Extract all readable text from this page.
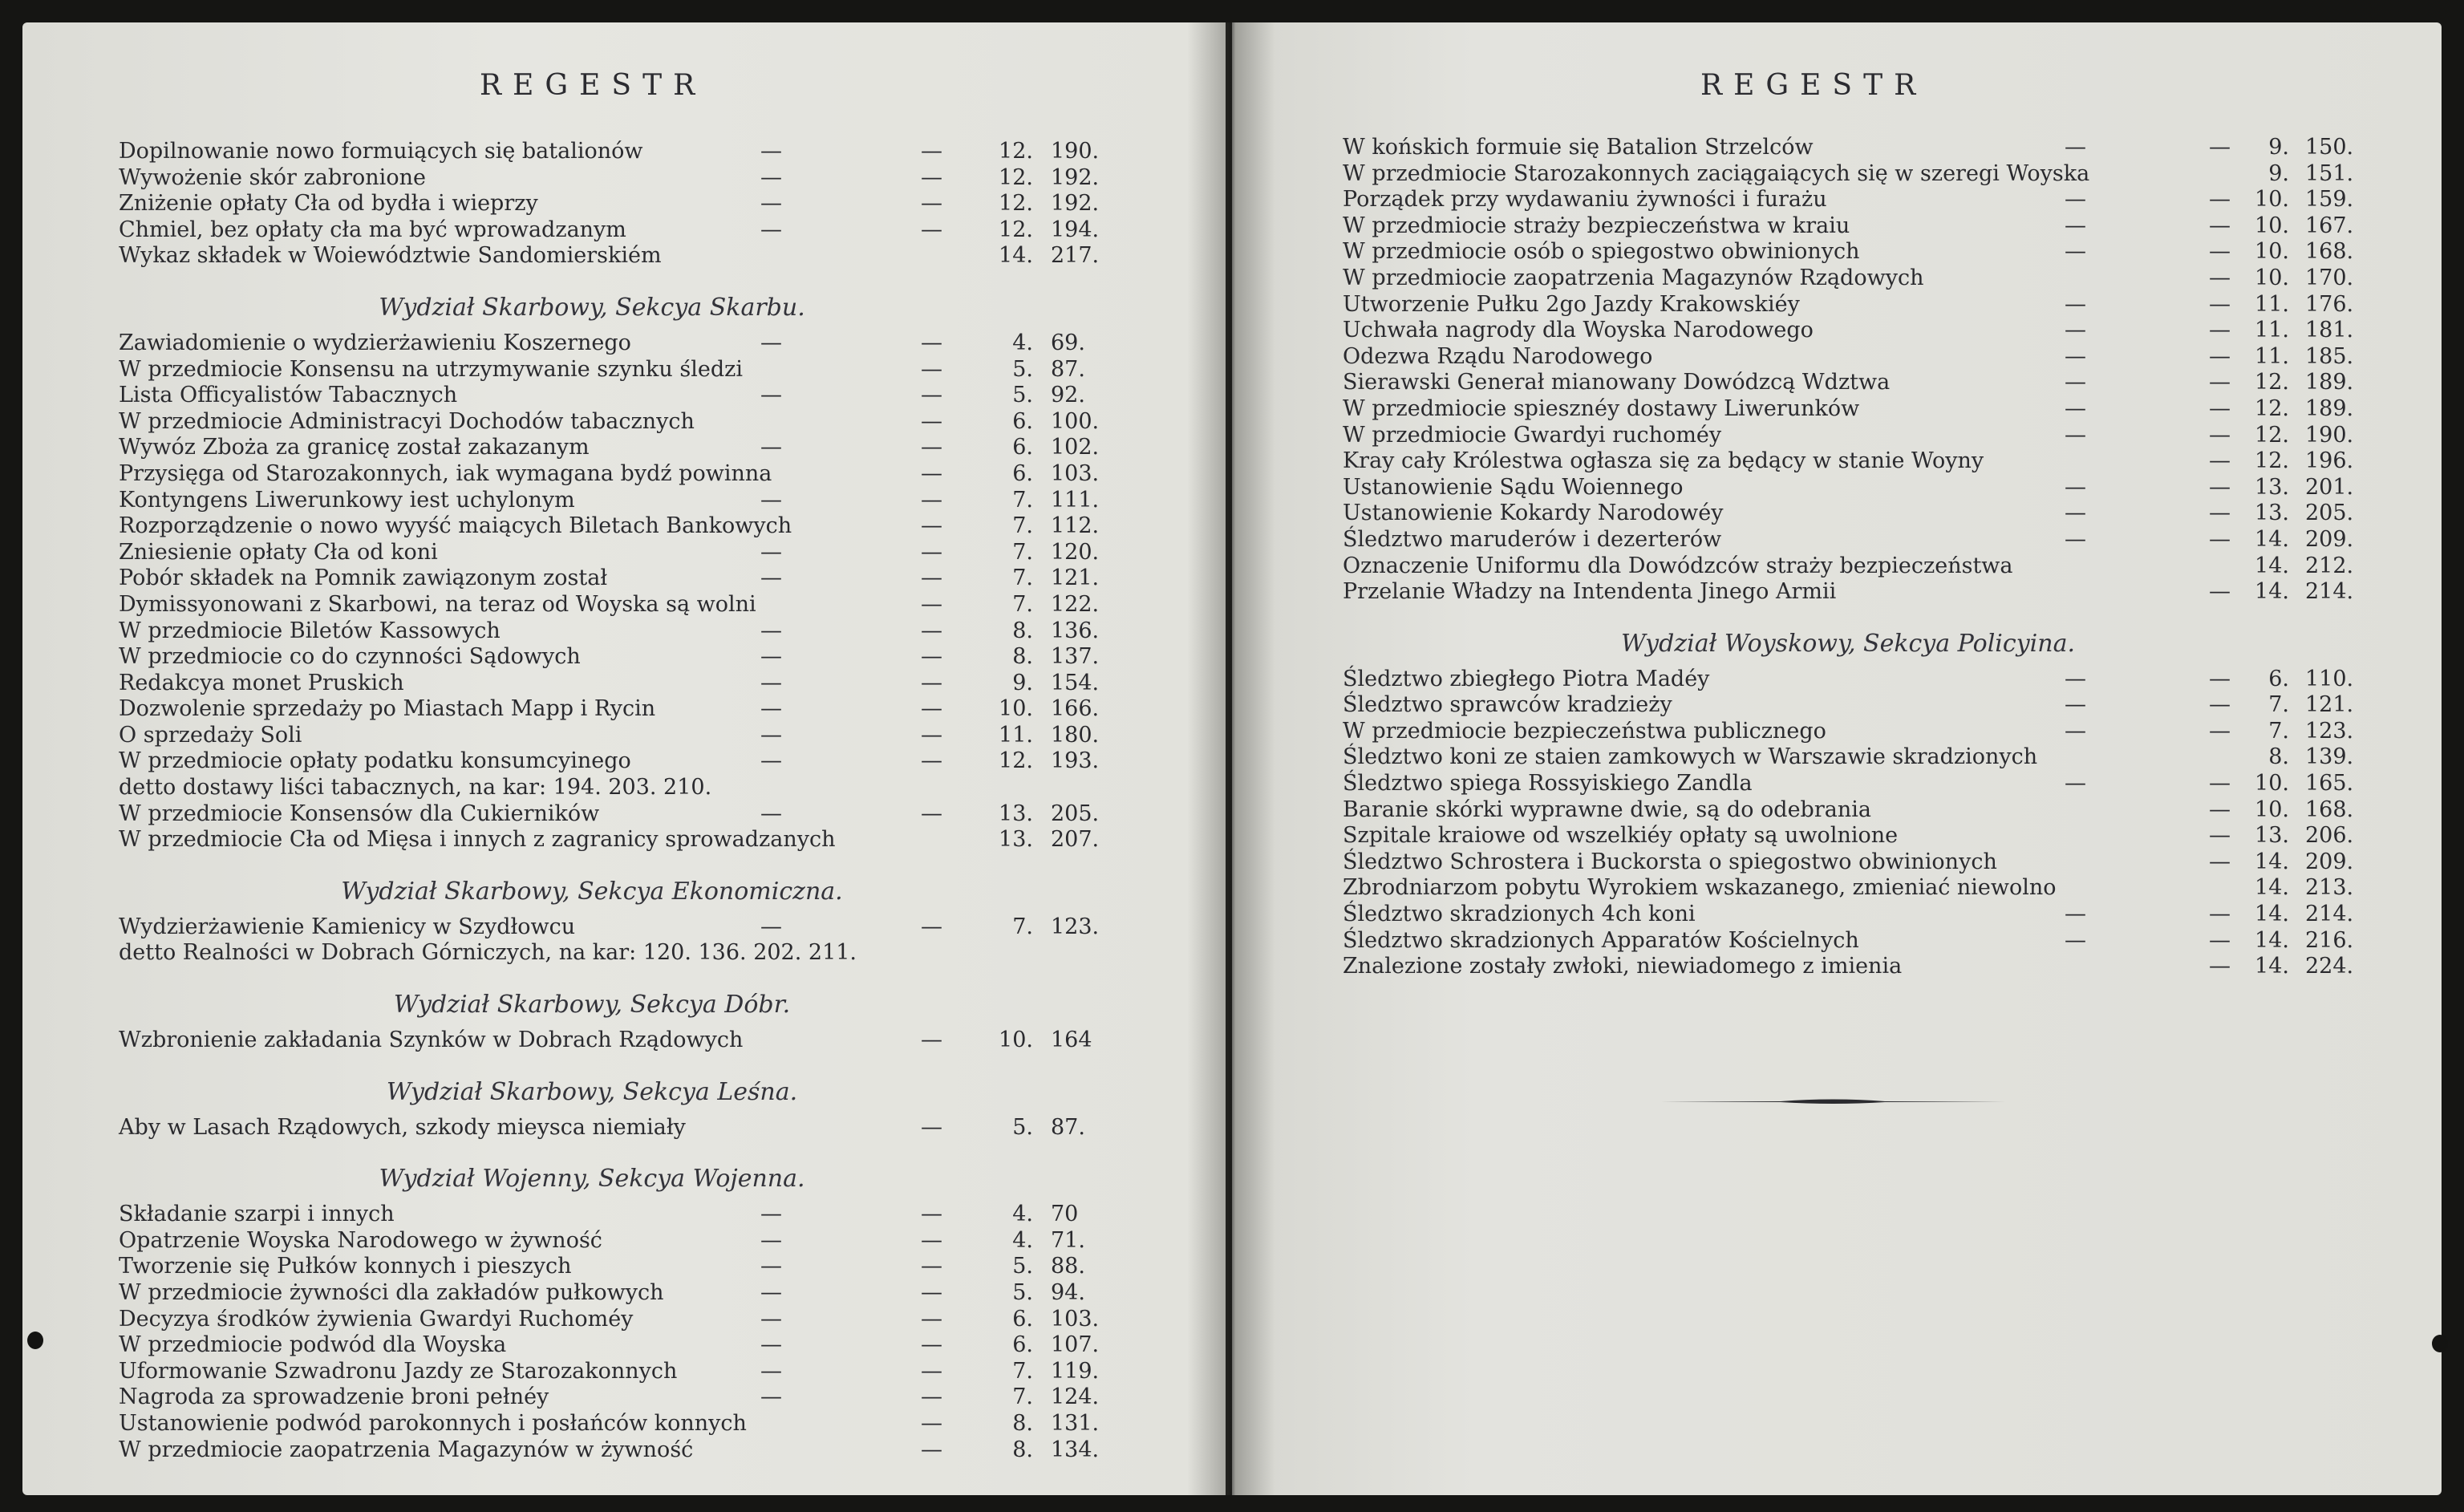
REGESTR
Dopilnowanie nowo formuiących się batalionów	—	—	12. 190.
Wywożenie skór zabronione	—	—	12. 192.
Zniżenie opłaty Cła od bydła i wieprzy	—	—	12. 192.
Chmiel, bez opłaty cła ma być wprowadzanym	—	—	12. 194.
Wykaz składek w Woiewództwie Sandomierskiém	14. 217.
Wydział Skarbowy, Sekcya Skarbu.
Zawiadomienie o wydzierżawieniu Koszernego	—	—	4. 69.
W przedmiocie Konsensu na utrzymywanie szynku śledzi	—	5. 87.
Lista Officyalistów Tabacznych	—	—	5. 92.
W przedmiocie Administracyi Dochodów tabacznych	—	6. 100.
Wywóz Zboża za granicę został zakazanym	—	—	6. 102.
Przysięga od Starozakonnych, iak wymagana bydź powinna	—	6. 103.
Kontyngens Liwerunkowy iest uchylonym	—	—	7. 111.
Rozporządzenie o nowo wyyść maiących Biletach Bankowych	—	7. 112.
Zniesienie opłaty Cła od koni	—	—	7. 120.
Pobór składek na Pomnik zawiązonym został	—	—	7. 121.
Dymissyonowani z Skarbowi, na teraz od Woyska są wolni	—	7. 122.
W przedmiocie Biletów Kassowych	—	—	8. 136.
W przedmiocie co do czynności Sądowych	—	—	8. 137.
Redakcya monet Pruskich	—	—	9. 154.
Dozwolenie sprzedaży po Miastach Mapp i Rycin	—	—	10. 166.
O sprzedaży Soli	—	—	11. 180.
W przedmiocie opłaty podatku konsumcyinego	—	—	12. 193.
detto dostawy liści tabacznych, na kar: 194. 203. 210.
W przedmiocie Konsensów dla Cukierników	—	—	13. 205.
W przedmiocie Cła od Mięsa i innych z zagranicy sprowadzanych	13. 207.
Wydział Skarbowy, Sekcya Ekonomiczna.
Wydzierżawienie Kamienicy w Szydłowcu	—	—	7. 123.
detto Realności w Dobrach Górniczych, na kar: 120. 136. 202. 211.
Wydział Skarbowy, Sekcya Dóbr.
Wzbronienie zakładania Szynków w Dobrach Rządowych	—	10. 164
Wydział Skarbowy, Sekcya Leśna.
Aby w Lasach Rządowych, szkody mieysca niemiały	—	5. 87.
Wydział Wojenny, Sekcya Wojenna.
Składanie szarpi i innych	—	—	4. 70
Opatrzenie Woyska Narodowego w żywność	—	—	4. 71.
Tworzenie się Pułków konnych i pieszych	—	—	5. 88.
W przedmiocie żywności dla zakładów pułkowych	—	—	5. 94.
Decyzya środków żywienia Gwardyi Ruchoméy	—	—	6. 103.
W przedmiocie podwód dla Woyska	—	—	6. 107.
Uformowanie Szwadronu Jazdy ze Starozakonnych	—	—	7. 119.
Nagroda za sprowadzenie broni pełnéy	—	—	7. 124.
Ustanowienie podwód parokonnych i posłańców konnych	—	8. 131.
W przedmiocie zaopatrzenia Magazynów w żywność	—	8. 134.
REGESTR
W końskich formuie się Batalion Strzelców	—	—	9. 150.
W przedmiocie Starozakonnych zaciągaiących się w szeregi Woyska	9. 151.
Porządek przy wydawaniu żywności i furażu	—	—	10. 159.
W przedmiocie straży bezpieczeństwa w kraiu	—	—	10. 167.
W przedmiocie osób o spiegostwo obwinionych	—	—	10. 168.
W przedmiocie zaopatrzenia Magazynów Rządowych	—	10. 170.
Utworzenie Pułku 2go Jazdy Krakowskiéy	—	—	11. 176.
Uchwała nagrody dla Woyska Narodowego	—	—	11. 181.
Odezwa Rządu Narodowego	—	—	11. 185.
Sierawski Generał mianowany Dowódzcą Wdztwa	—	—	12. 189.
W przedmiocie spiesznéy dostawy Liwerunków	—	—	12. 189.
W przedmiocie Gwardyi ruchoméy	—	—	12. 190.
Kray cały Królestwa ogłasza się za będący w stanie Woyny	—	12. 196.
Ustanowienie Sądu Woiennego	—	—	13. 201.
Ustanowienie Kokardy Narodowéy	—	—	13. 205.
Śledztwo maruderów i dezerterów	—	—	14. 209.
Oznaczenie Uniformu dla Dowódzców straży bezpieczeństwa	14. 212.
Przelanie Władzy na Intendenta Jinego Armii	—	14. 214.
Wydział Woyskowy, Sekcya Policyina.
Śledztwo zbiegłego Piotra Madéy	—	—	6. 110.
Śledztwo sprawców kradzieży	—	—	7. 121.
W przedmiocie bezpieczeństwa publicznego	—	—	7. 123.
Śledztwo koni ze staien zamkowych w Warszawie skradzionych	8. 139.
Śledztwo spiega Rossyiskiego Zandla	—	—	10. 165.
Baranie skórki wyprawne dwie, są do odebrania	—	10. 168.
Szpitale kraiowe od wszelkiéy opłaty są uwolnione	—	13. 206.
Śledztwo Schrostera i Buckorsta o spiegostwo obwinionych	—	14. 209.
Zbrodniarzom pobytu Wyrokiem wskazanego, zmieniać niewolno	14. 213.
Śledztwo skradzionych 4ch koni	—	—	14. 214.
Śledztwo skradzionych Apparatów Kościelnych	—	—	14. 216.
Znalezione zostały zwłoki, niewiadomego z imienia	—	14. 224.
